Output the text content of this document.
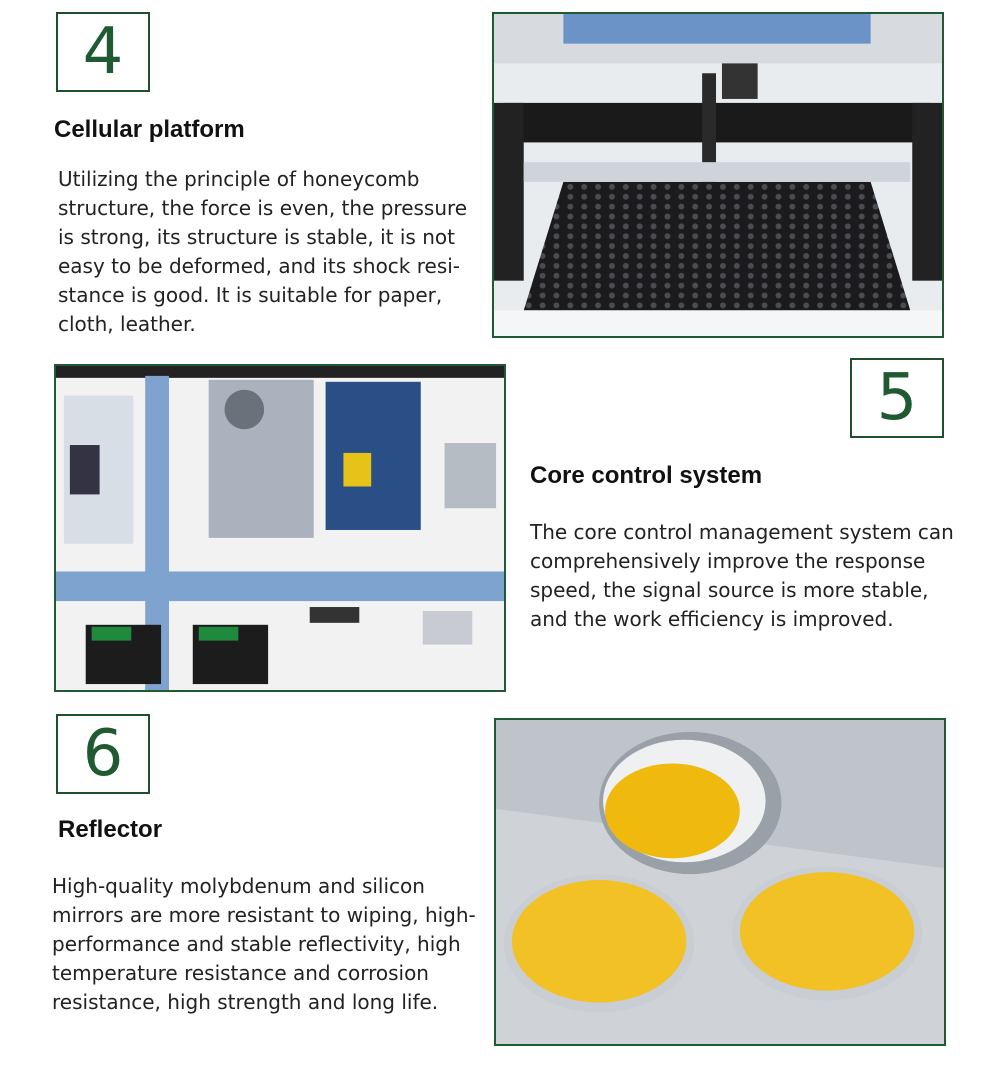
4
Cellular platform
Utilizing the principle of honeycomb
structure, the force is even, the pressure
is strong, its structure is stable, it is not
easy to be deformed, and its shock resi-
stance is good. It is suitable for paper,
cloth, leather.
5
Core control system
The core control management system can
comprehensively improve the response
speed, the signal source is more stable,
and the work efficiency is improved.
6
Reflector
High-quality molybdenum and silicon
mirrors are more resistant to wiping, high-
performance and stable reflectivity, high
temperature resistance and corrosion
resistance, high strength and long life.
